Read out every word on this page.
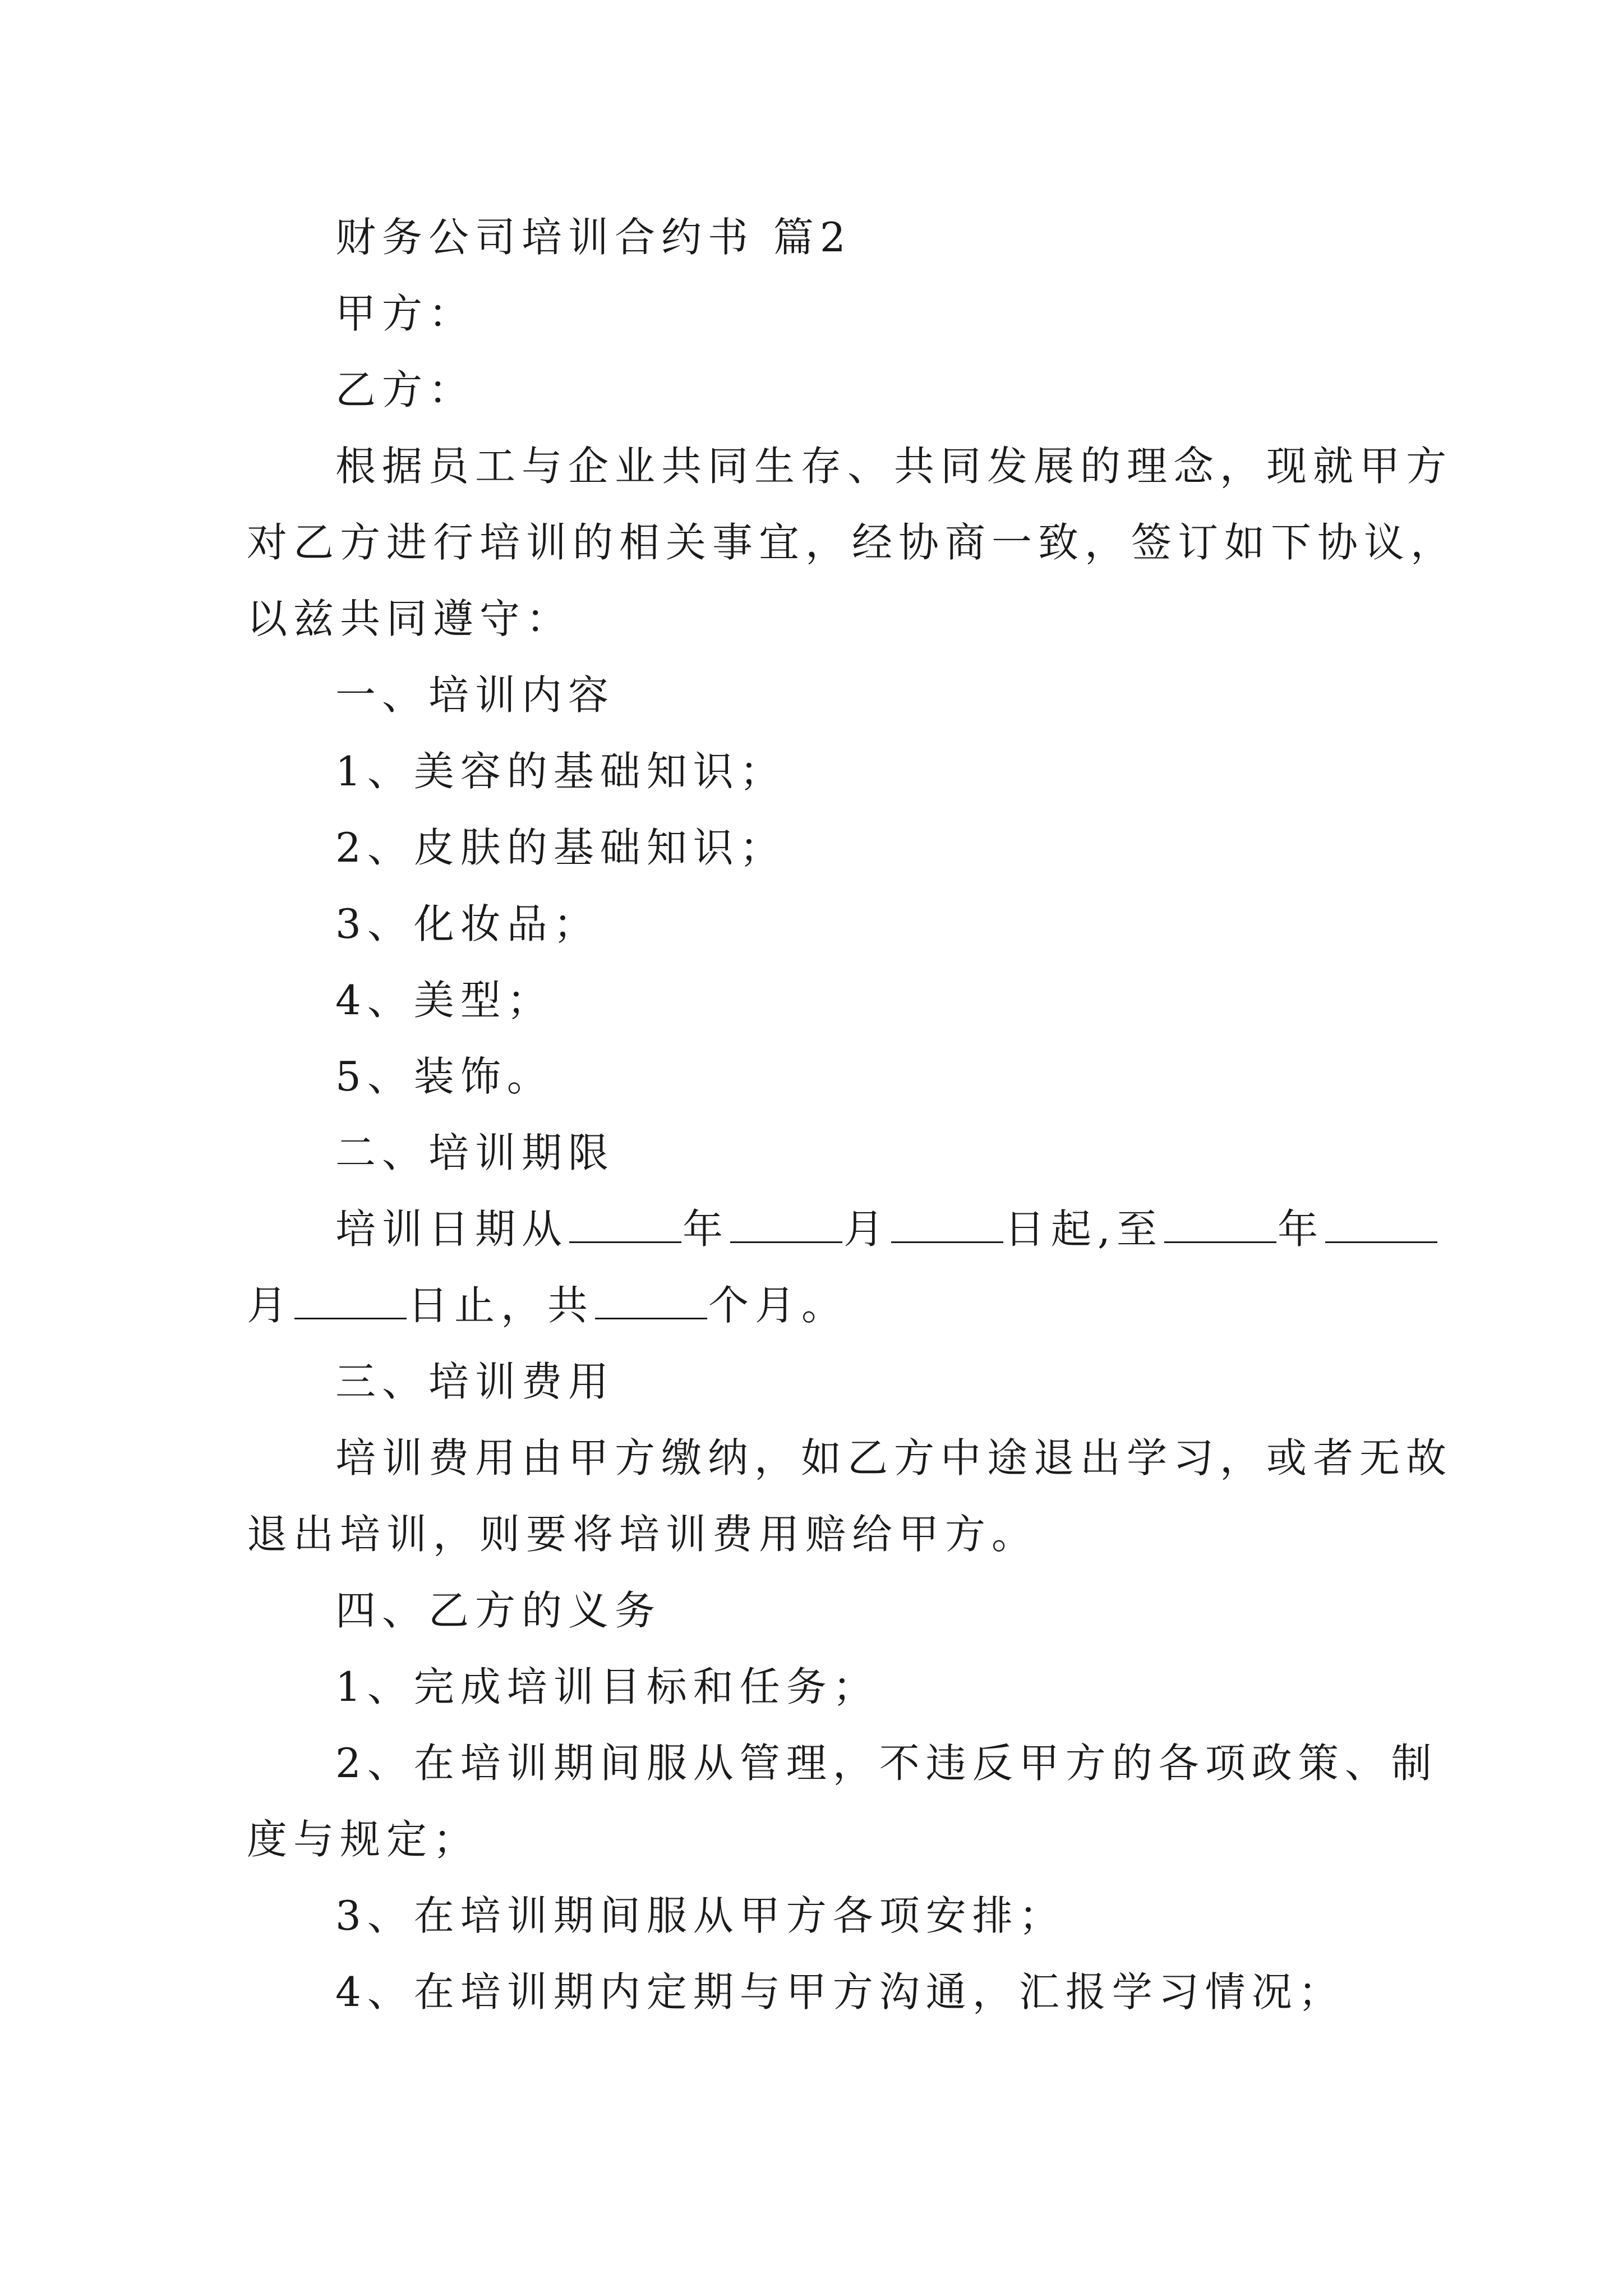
财务公司培训合约书 篇2

甲方：

乙方：

根据员工与企业共同生存、共同发展的理念，现就甲方

对乙方进行培训的相关事宜，经协商一致，签订如下协议，

以兹共同遵守：

一、培训内容

1、美容的基础知识；

2、皮肤的基础知识；

3、化妆品；

4、美型；

5、装饰。

二、培训期限

培训日期从	年	月	日起,至	年

月	日止，共	个月。

三、培训费用

培训费用由甲方缴纳，如乙方中途退出学习，或者无故

退出培训，则要将培训费用赔给甲方。

四、乙方的义务

1、完成培训目标和任务；

2、在培训期间服从管理，不违反甲方的各项政策、制

度与规定；

3、在培训期间服从甲方各项安排；

4、在培训期内定期与甲方沟通，汇报学习情况；
